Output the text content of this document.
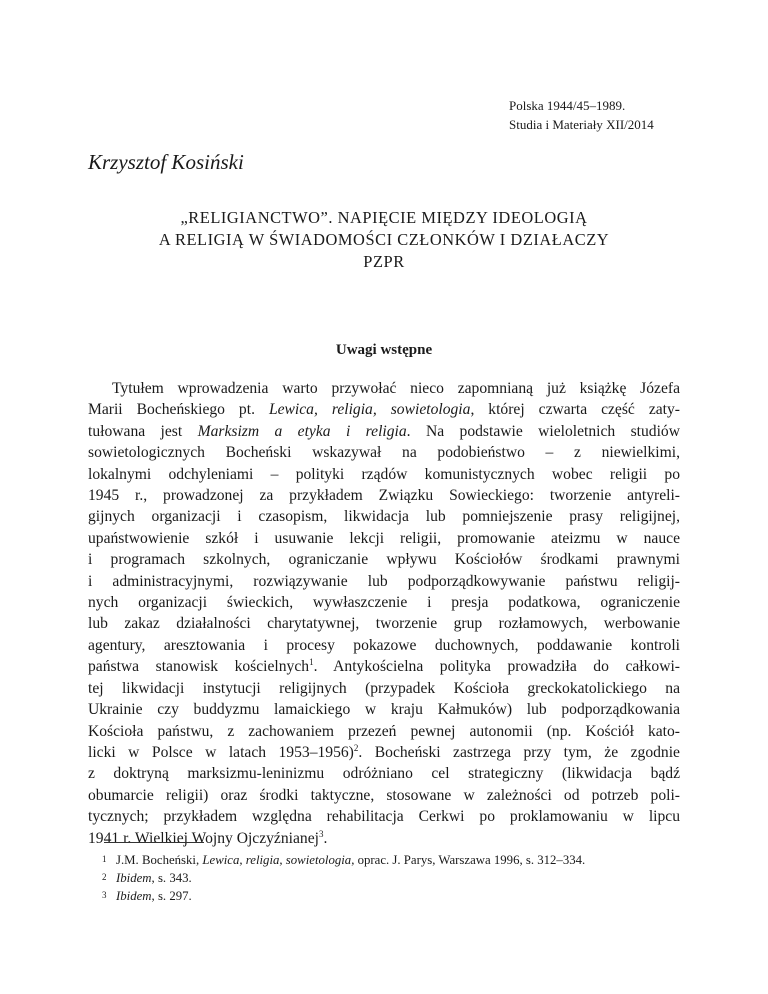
Polska 1944/45–1989.
Studia i Materiały XII/2014
Krzysztof Kosiński
„RELIGIANCTWO”. NAPIĘCIE MIĘDZY IDEOLOGIĄ
A RELIGIĄ W ŚWIADOMOŚCI CZŁONKÓW I DZIAŁACZY
PZPR
Uwagi wstępne
Tytułem wprowadzenia warto przywołać nieco zapomnianą już książkę Józefa
Marii Bocheńskiego pt. Lewica, religia, sowietologia, której czwarta część zaty-
tułowana jest Marksizm a etyka i religia. Na podstawie wieloletnich studiów
sowietologicznych Bocheński wskazywał na podobieństwo – z niewielkimi,
lokalnymi odchyleniami – polityki rządów komunistycznych wobec religii po
1945 r., prowadzonej za przykładem Związku Sowieckiego: tworzenie antyreli-
gijnych organizacji i czasopism, likwidacja lub pomniejszenie prasy religijnej,
upaństwowienie szkół i usuwanie lekcji religii, promowanie ateizmu w nauce
i programach szkolnych, ograniczanie wpływu Kościołów środkami prawnymi
i administracyjnymi, rozwiązywanie lub podporządkowywanie państwu religij-
nych organizacji świeckich, wywłaszczenie i presja podatkowa, ograniczenie
lub zakaz działalności charytatywnej, tworzenie grup rozłamowych, werbowanie
agentury, aresztowania i procesy pokazowe duchownych, poddawanie kontroli
państwa stanowisk kościelnych$^1$. Antykościelna polityka prowadziła do całkowi-
tej likwidacji instytucji religijnych (przypadek Kościoła greckokatolickiego na
Ukrainie czy buddyzmu lamaickiego w kraju Kałmuków) lub podporządkowania
Kościoła państwu, z zachowaniem przezeń pewnej autonomii (np. Kościół kato-
licki w Polsce w latach 1953–1956)$^2$. Bocheński zastrzega przy tym, że zgodnie
z doktryną marksizmu-leninizmu odróżniano cel strategiczny (likwidacja bądź
obumarcie religii) oraz środki taktyczne, stosowane w zależności od potrzeb poli-
tycznych; przykładem względna rehabilitacja Cerkwi po proklamowaniu w lipcu
1941 r. Wielkiej Wojny Ojczyźnianej$^3$.
1 J.M. Bocheński, Lewica, religia, sowietologia, oprac. J. Parys, Warszawa 1996, s. 312–334.
2 Ibidem, s. 343.
3 Ibidem, s. 297.
